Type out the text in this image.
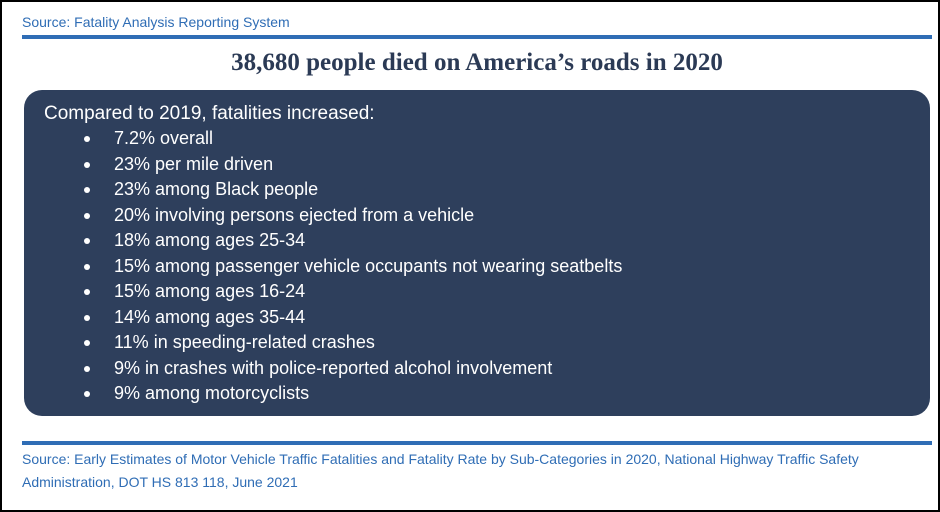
Source: Fatality Analysis Reporting System
38,680 people died on America’s roads in 2020

Compared to 2019, fatalities increased:

7.2% overall
23% per mile driven
23% among Black people
20% involving persons ejected from a vehicle
18% among ages 25-34
15% among passenger vehicle occupants not wearing seatbelts
15% among ages 16-24
14% among ages 35-44
11% in speeding-related crashes
9% in crashes with police-reported alcohol involvement
9% among motorcyclists
Source: Early Estimates of Motor Vehicle Traffic Fatalities and Fatality Rate by Sub-Categories in 2020, National Highway Traffic Safety Administration, DOT HS 813 118, June 2021
